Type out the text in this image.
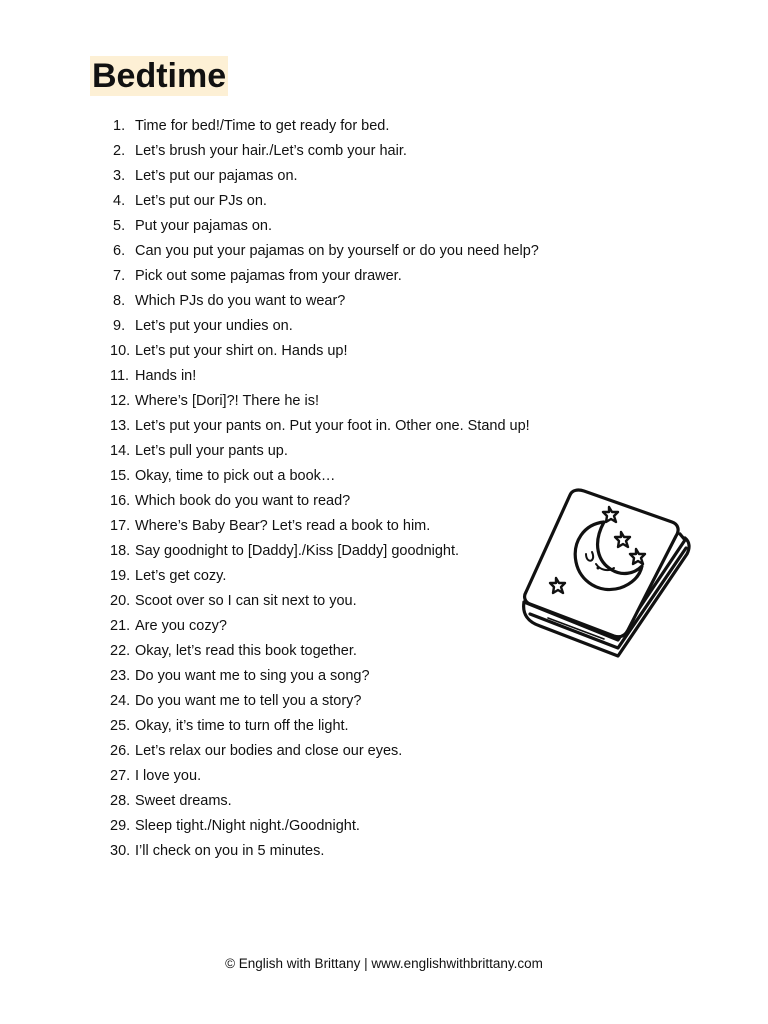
Bedtime
1. Time for bed!/Time to get ready for bed.
2. Let’s brush your hair./Let’s comb your hair.
3. Let’s put our pajamas on.
4. Let’s put our PJs on.
5. Put your pajamas on.
6. Can you put your pajamas on by yourself or do you need help?
7. Pick out some pajamas from your drawer.
8. Which PJs do you want to wear?
9. Let’s put your undies on.
10. Let’s put your shirt on. Hands up!
11. Hands in!
12. Where’s [Dori]?! There he is!
13. Let’s put your pants on. Put your foot in. Other one. Stand up!
14. Let’s pull your pants up.
15. Okay, time to pick out a book…
16. Which book do you want to read?
17. Where’s Baby Bear? Let’s read a book to him.
18. Say goodnight to [Daddy]./Kiss [Daddy] goodnight.
19. Let’s get cozy.
20. Scoot over so I can sit next to you.
21. Are you cozy?
22. Okay, let’s read this book together.
23. Do you want me to sing you a song?
24. Do you want me to tell you a story?
25. Okay, it’s time to turn off the light.
26. Let’s relax our bodies and close our eyes.
27. I love you.
28. Sweet dreams.
29. Sleep tight./Night night./Goodnight.
30. I’ll check on you in 5 minutes.
© English with Brittany | www.englishwithbrittany.com
